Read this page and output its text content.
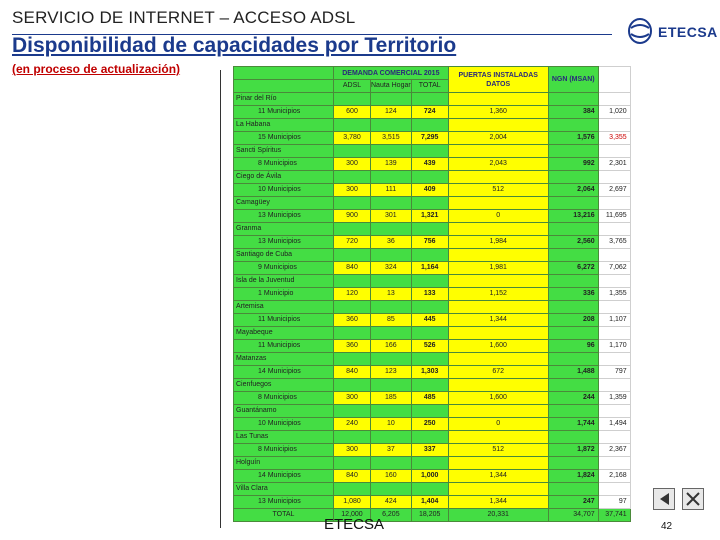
SERVICIO DE INTERNET – ACCESO ADSL
Disponibilidad de capacidades por Territorio
(en proceso de actualización)
ETECSA
	DEMANDA COMERCIAL 2015			PUERTAS INSTALADAS DATOS	NGN (MSAN)	
	ADSL	Nauta Hogar	TOTAL			
Pinar del Río						
11 Municipios	600	124	724	1,360	384	1,020
La Habana						
15 Municipios	3,780	3,515	7,295	2,004	1,576	3,355
Sancti Spíritus						
8 Municipios	300	139	439	2,043	992	2,301
Ciego de Ávila						
10 Municipios	300	111	409	512	2,064	2,697
Camagüey						
13 Municipios	900	301	1,321	0	13,216	11,695
Granma						
13 Municipios	720	36	756	1,984	2,560	3,765
Santiago de Cuba						
9 Municipios	840	324	1,164	1,981	6,272	7,062
Isla de la Juventud						
1 Municipio	120	13	133	1,152	336	1,355
Artemisa						
11 Municipios	360	85	445	1,344	208	1,107
Mayabeque						
11 Municipios	360	166	526	1,600	96	1,170
Matanzas						
14 Municipios	840	123	1,303	672	1,488	797
Cienfuegos						
8 Municipios	300	185	485	1,600	244	1,359
Guantánamo						
10 Municipios	240	10	250	0	1,744	1,494
Las Tunas						
8 Municipios	300	37	337	512	1,872	2,367
Holguín						
14 Municipios	840	160	1,000	1,344	1,824	2,168
Villa Clara						
13 Municipios	1,080	424	1,404	1,344	247	97
TOTAL	12,000	6,205	18,205	20,331	34,707	37,741
ETECSA	42
